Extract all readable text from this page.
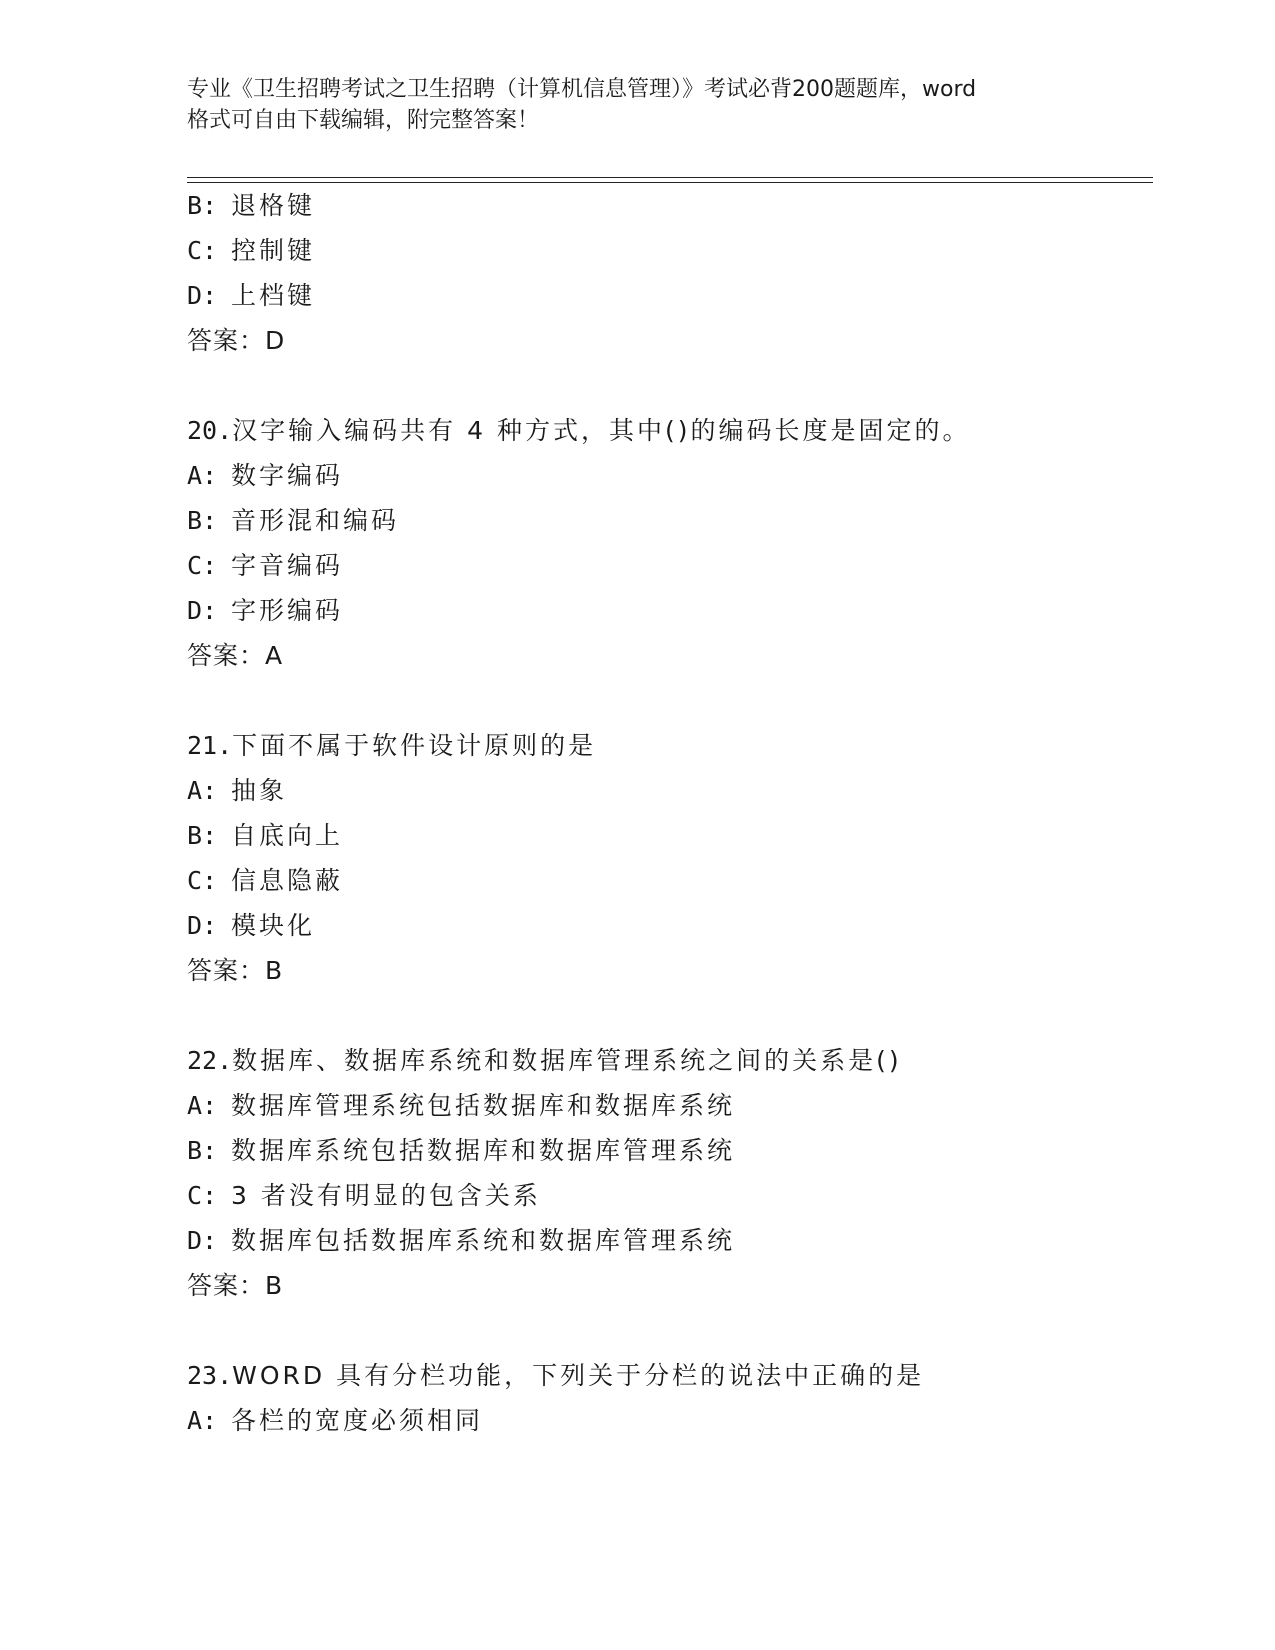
专业《卫生招聘考试之卫生招聘（计算机信息管理）》考试必背200题题库，word
格式可自由下载编辑，附完整答案！
B: 退格键
C: 控制键
D: 上档键
答案：D
20.汉字输入编码共有 4 种方式，其中()的编码长度是固定的。
A: 数字编码
B: 音形混和编码
C: 字音编码
D: 字形编码
答案：A
21.下面不属于软件设计原则的是
A: 抽象
B: 自底向上
C: 信息隐蔽
D: 模块化
答案：B
22.数据库、数据库系统和数据库管理系统之间的关系是()
A: 数据库管理系统包括数据库和数据库系统
B: 数据库系统包括数据库和数据库管理系统
C: 3 者没有明显的包含关系
D: 数据库包括数据库系统和数据库管理系统
答案：B
23.WORD 具有分栏功能，下列关于分栏的说法中正确的是
A: 各栏的宽度必须相同
